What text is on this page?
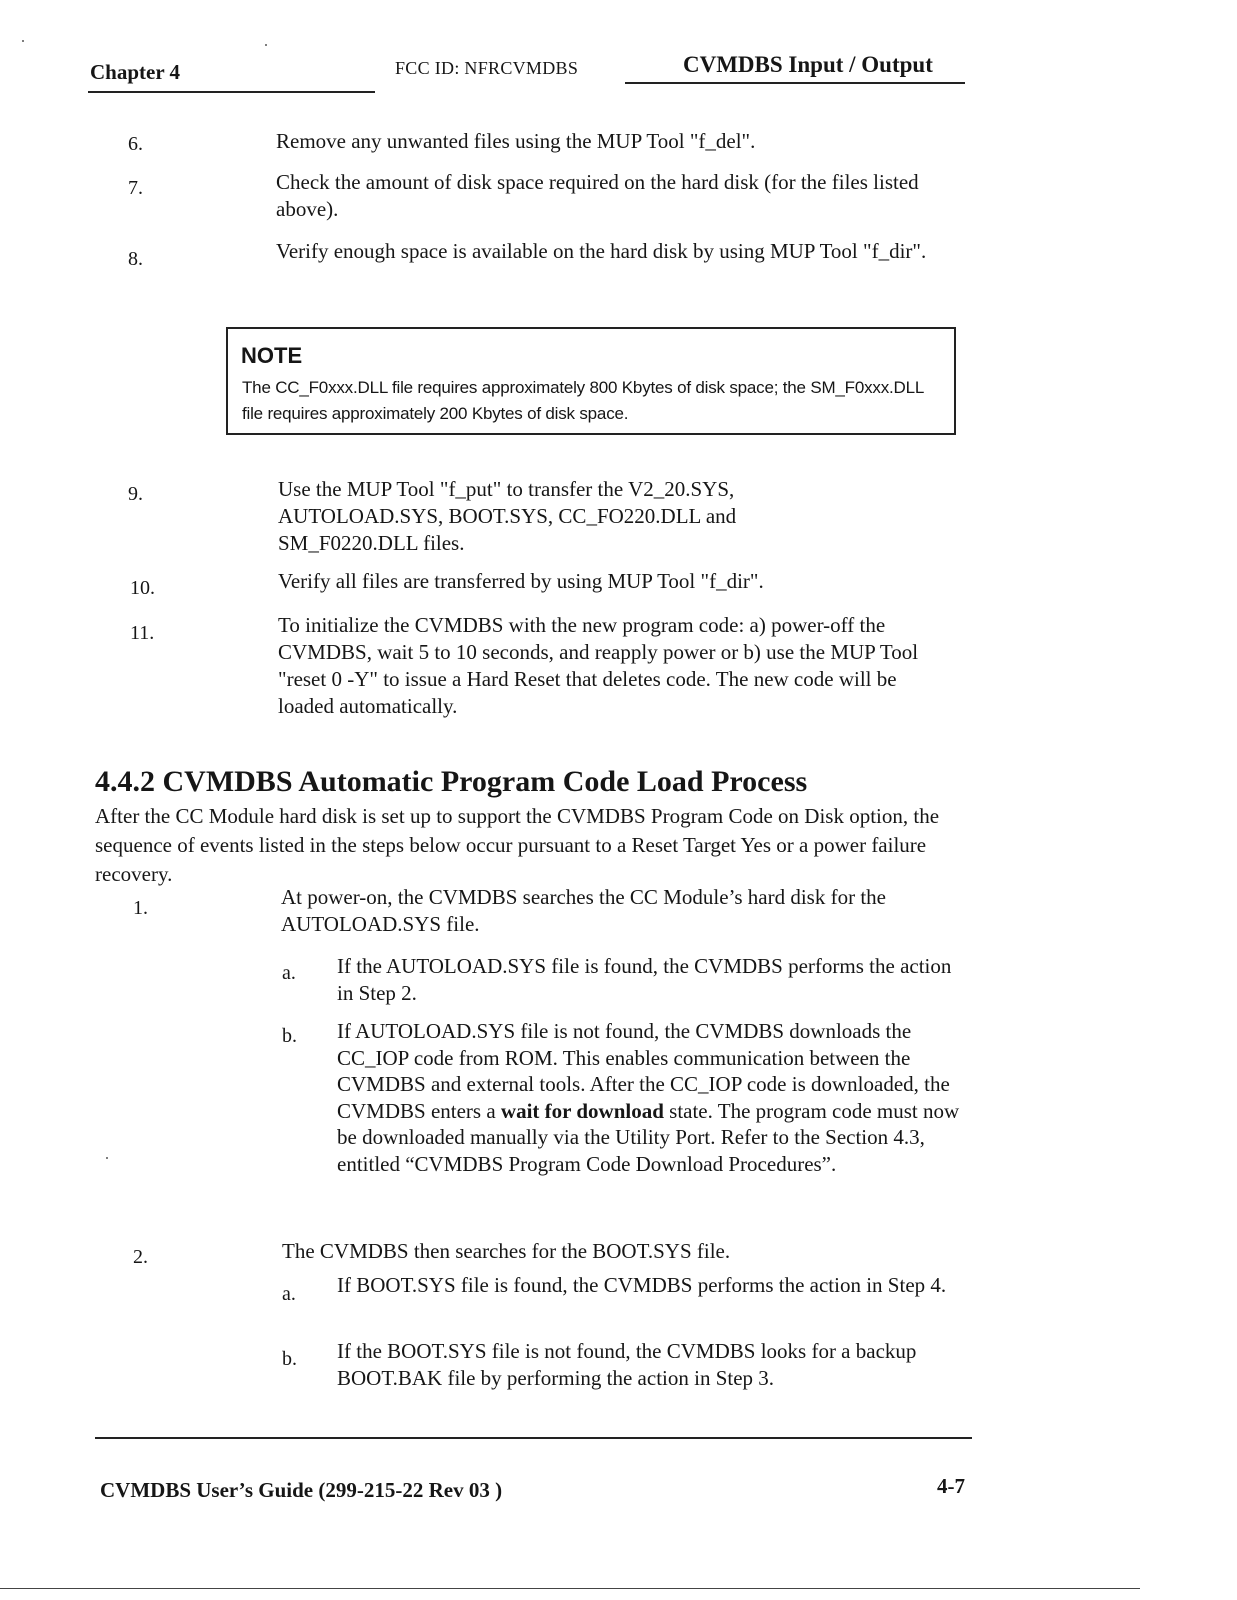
Chapter 4	FCC ID: NFRCVMDBS	CVMDBS Input / Output
6.	Remove any unwanted files using the MUP Tool "f_del".
7.	Check the amount of disk space required on the hard disk (for the files listed above).
8.	Verify enough space is available on the hard disk by using MUP Tool "f_dir".
NOTE
The CC_F0xxx.DLL file requires approximately 800 Kbytes of disk space; the SM_F0xxx.DLL file requires approximately 200 Kbytes of disk space.
9.	Use the MUP Tool "f_put" to transfer the V2_20.SYS, AUTOLOAD.SYS, BOOT.SYS, CC_FO220.DLL and SM_F0220.DLL files.
10.	Verify all files are transferred by using MUP Tool "f_dir".
11.	To initialize the CVMDBS with the new program code: a) power-off the CVMDBS, wait 5 to 10 seconds, and reapply power or b) use the MUP Tool "reset 0 -Y" to issue a Hard Reset that deletes code. The new code will be loaded automatically.
4.4.2 CVMDBS Automatic Program Code Load Process
After the CC Module hard disk is set up to support the CVMDBS Program Code on Disk option, the sequence of events listed in the steps below occur pursuant to a Reset Target Yes or a power failure recovery.
1.	At power-on, the CVMDBS searches the CC Module’s hard disk for the AUTOLOAD.SYS file.
a. If the AUTOLOAD.SYS file is found, the CVMDBS performs the action in Step 2.
b. If AUTOLOAD.SYS file is not found, the CVMDBS downloads the CC_IOP code from ROM. This enables communication between the CVMDBS and external tools. After the CC_IOP code is downloaded, the CVMDBS enters a wait for download state. The program code must now be downloaded manually via the Utility Port. Refer to the Section 4.3, entitled “CVMDBS Program Code Download Procedures”.
2.	The CVMDBS then searches for the BOOT.SYS file.
a. If BOOT.SYS file is found, the CVMDBS performs the action in Step 4.
b. If the BOOT.SYS file is not found, the CVMDBS looks for a backup BOOT.BAK file by performing the action in Step 3.
CVMDBS User’s Guide (299-215-22 Rev 03 )	4-7
